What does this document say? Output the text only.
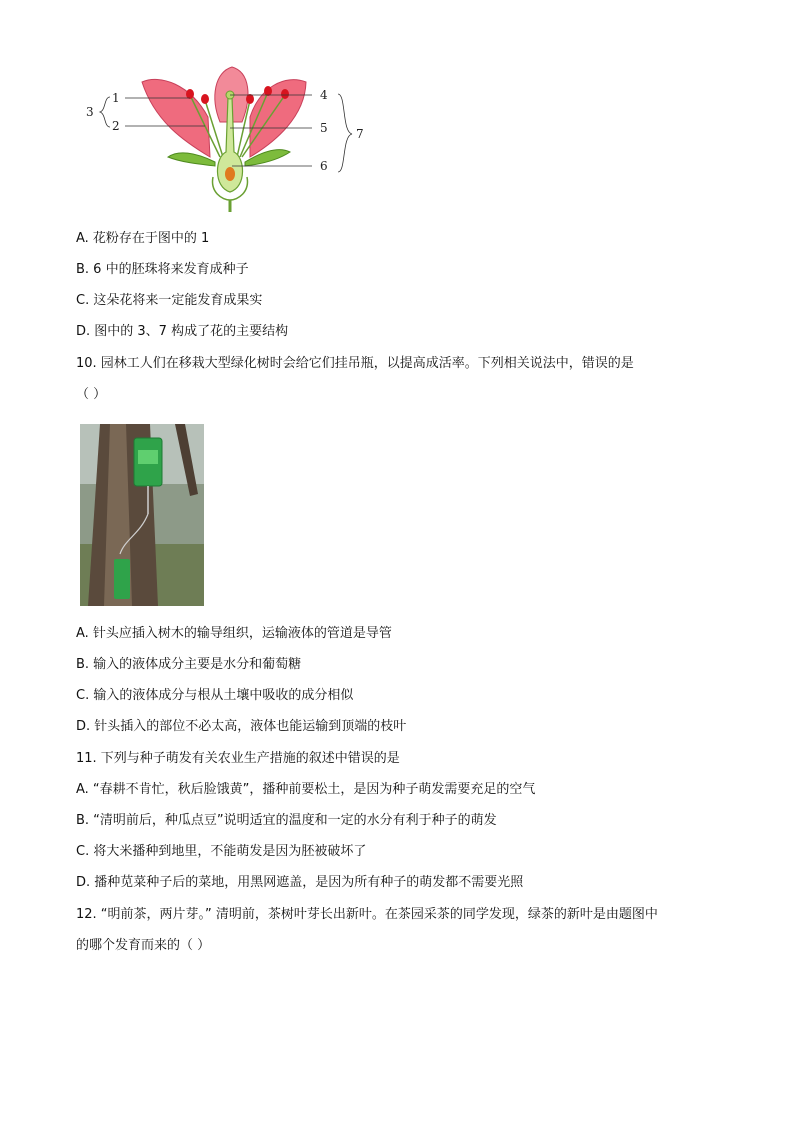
1
2
3
4
5
6
7
A. 花粉存在于图中的 1
B. 6 中的胚珠将来发育成种子
C. 这朵花将来一定能发育成果实
D. 图中的 3、7 构成了花的主要结构
10. 园林工人们在移栽大型绿化树时会给它们挂吊瓶，以提高成活率。下列相关说法中，错误的是
（ ）
A. 针头应插入树木的输导组织，运输液体的管道是导管
B. 输入的液体成分主要是水分和葡萄糖
C. 输入的液体成分与根从土壤中吸收的成分相似
D. 针头插入的部位不必太高，液体也能运输到顶端的枝叶
11. 下列与种子萌发有关农业生产措施的叙述中错误的是
A. “春耕不肯忙，秋后脸饿黄”，播种前要松土，是因为种子萌发需要充足的空气
B. “清明前后，种瓜点豆”说明适宜的温度和一定的水分有利于种子的萌发
C. 将大米播种到地里，不能萌发是因为胚被破坏了
D. 播种苋菜种子后的菜地，用黑网遮盖，是因为所有种子的萌发都不需要光照
12. “明前茶，两片芽。” 清明前，茶树叶芽长出新叶。在茶园采茶的同学发现，绿茶的新叶是由题图中
的哪个发育而来的（ ）
